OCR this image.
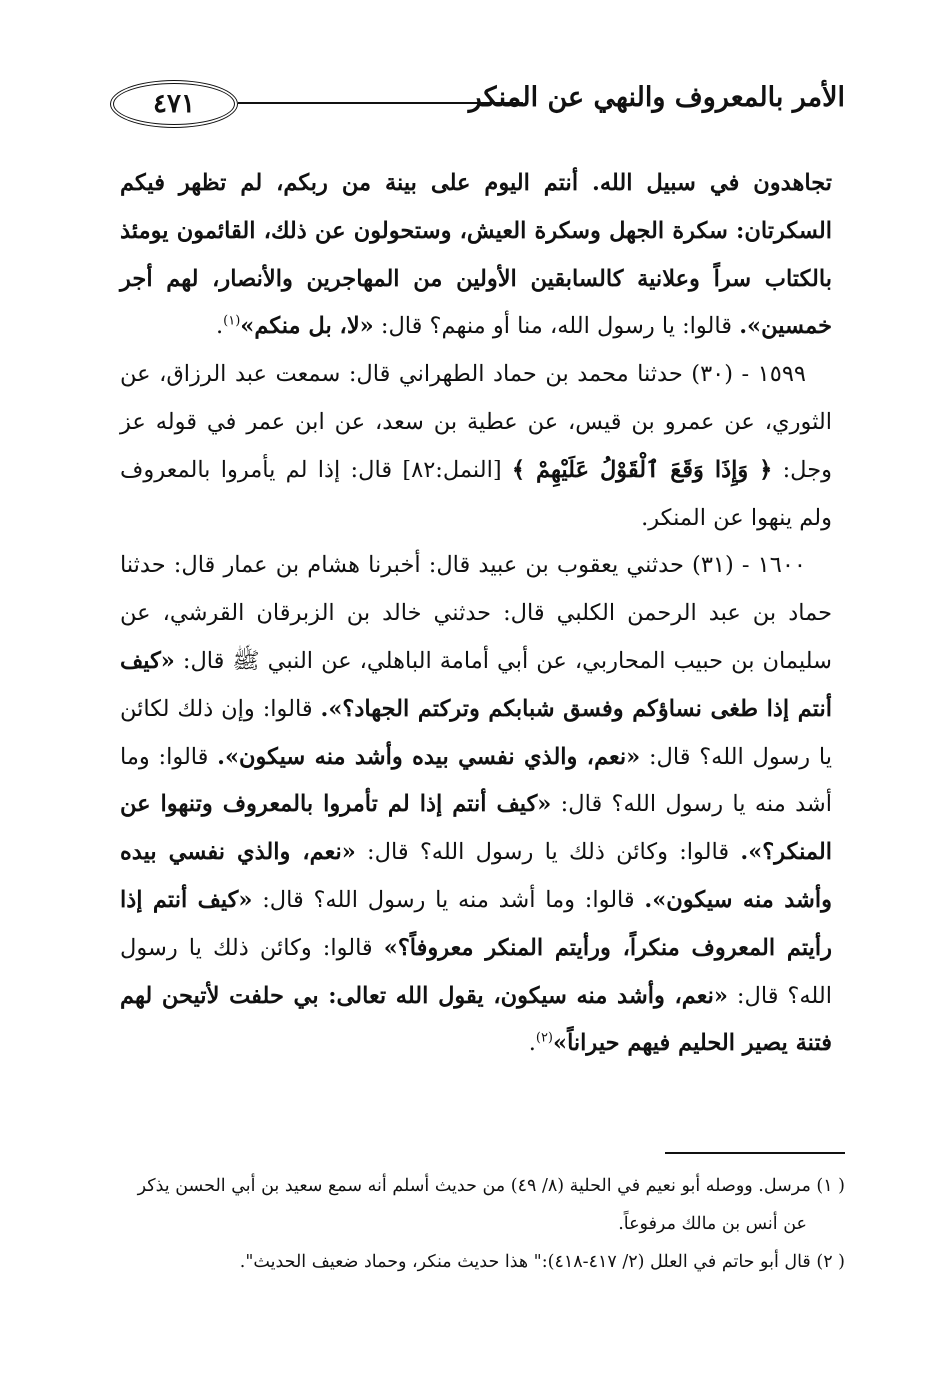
٤٧١	الأمر بالمعروف والنهي عن المنكر

تجاهدون في سبيل الله. أنتم اليوم على بينة من ربكم، لم تظهر فيكم السكرتان: سكرة الجهل وسكرة العيش، وستحولون عن ذلك، القائمون يومئذ بالكتاب سراً وعلانية كالسابقين الأولين من المهاجرين والأنصار، لهم أجر خمسين». قالوا: يا رسول الله، منا أو منهم؟ قال: «لا، بل منكم»$^{(١)}$.

١٥٩٩ - (٣٠) حدثنا محمد بن حماد الطهراني قال: سمعت عبد الرزاق، عن الثوري، عن عمرو بن قيس، عن عطية بن سعد، عن ابن عمر في قوله عز وجل: ﴿ وَإِذَا وَقَعَ ٱلْقَوْلُ عَلَيْهِمْ ﴾ [النمل:٨٢] قال: إذا لم يأمروا بالمعروف ولم ينهوا عن المنكر.

١٦٠٠ - (٣١) حدثني يعقوب بن عبيد قال: أخبرنا هشام بن عمار قال: حدثنا حماد بن عبد الرحمن الكلبي قال: حدثني خالد بن الزبرقان القرشي، عن سليمان بن حبيب المحاربي، عن أبي أمامة الباهلي، عن النبي ﷺ قال: «كيف أنتم إذا طغى نساؤكم وفسق شبابكم وتركتم الجهاد؟». قالوا: وإن ذلك لكائن يا رسول الله؟ قال: «نعم، والذي نفسي بيده وأشد منه سيكون». قالوا: وما أشد منه يا رسول الله؟ قال: «كيف أنتم إذا لم تأمروا بالمعروف وتنهوا عن المنكر؟». قالوا: وكائن ذلك يا رسول الله؟ قال: «نعم، والذي نفسي بيده وأشد منه سيكون». قالوا: وما أشد منه يا رسول الله؟ قال: «كيف أنتم إذا رأيتم المعروف منكراً، ورأيتم المنكر معروفاً؟» قالوا: وكائن ذلك يا رسول الله؟ قال: «نعم، وأشد منه سيكون، يقول الله تعالى: بي حلفت لأتيحن لهم فتنة يصير الحليم فيهم حيراناً»$^{(٢)}$.

( ١) مرسل. ووصله أبو نعيم في الحلية (٨/ ٤٩) من حديث أسلم أنه سمع سعيد بن أبي الحسن يذكر

عن أنس بن مالك مرفوعاً.

( ٢) قال أبو حاتم في العلل (٢/ ٤١٧-٤١٨):" هذا حديث منكر، وحماد ضعيف الحديث".
